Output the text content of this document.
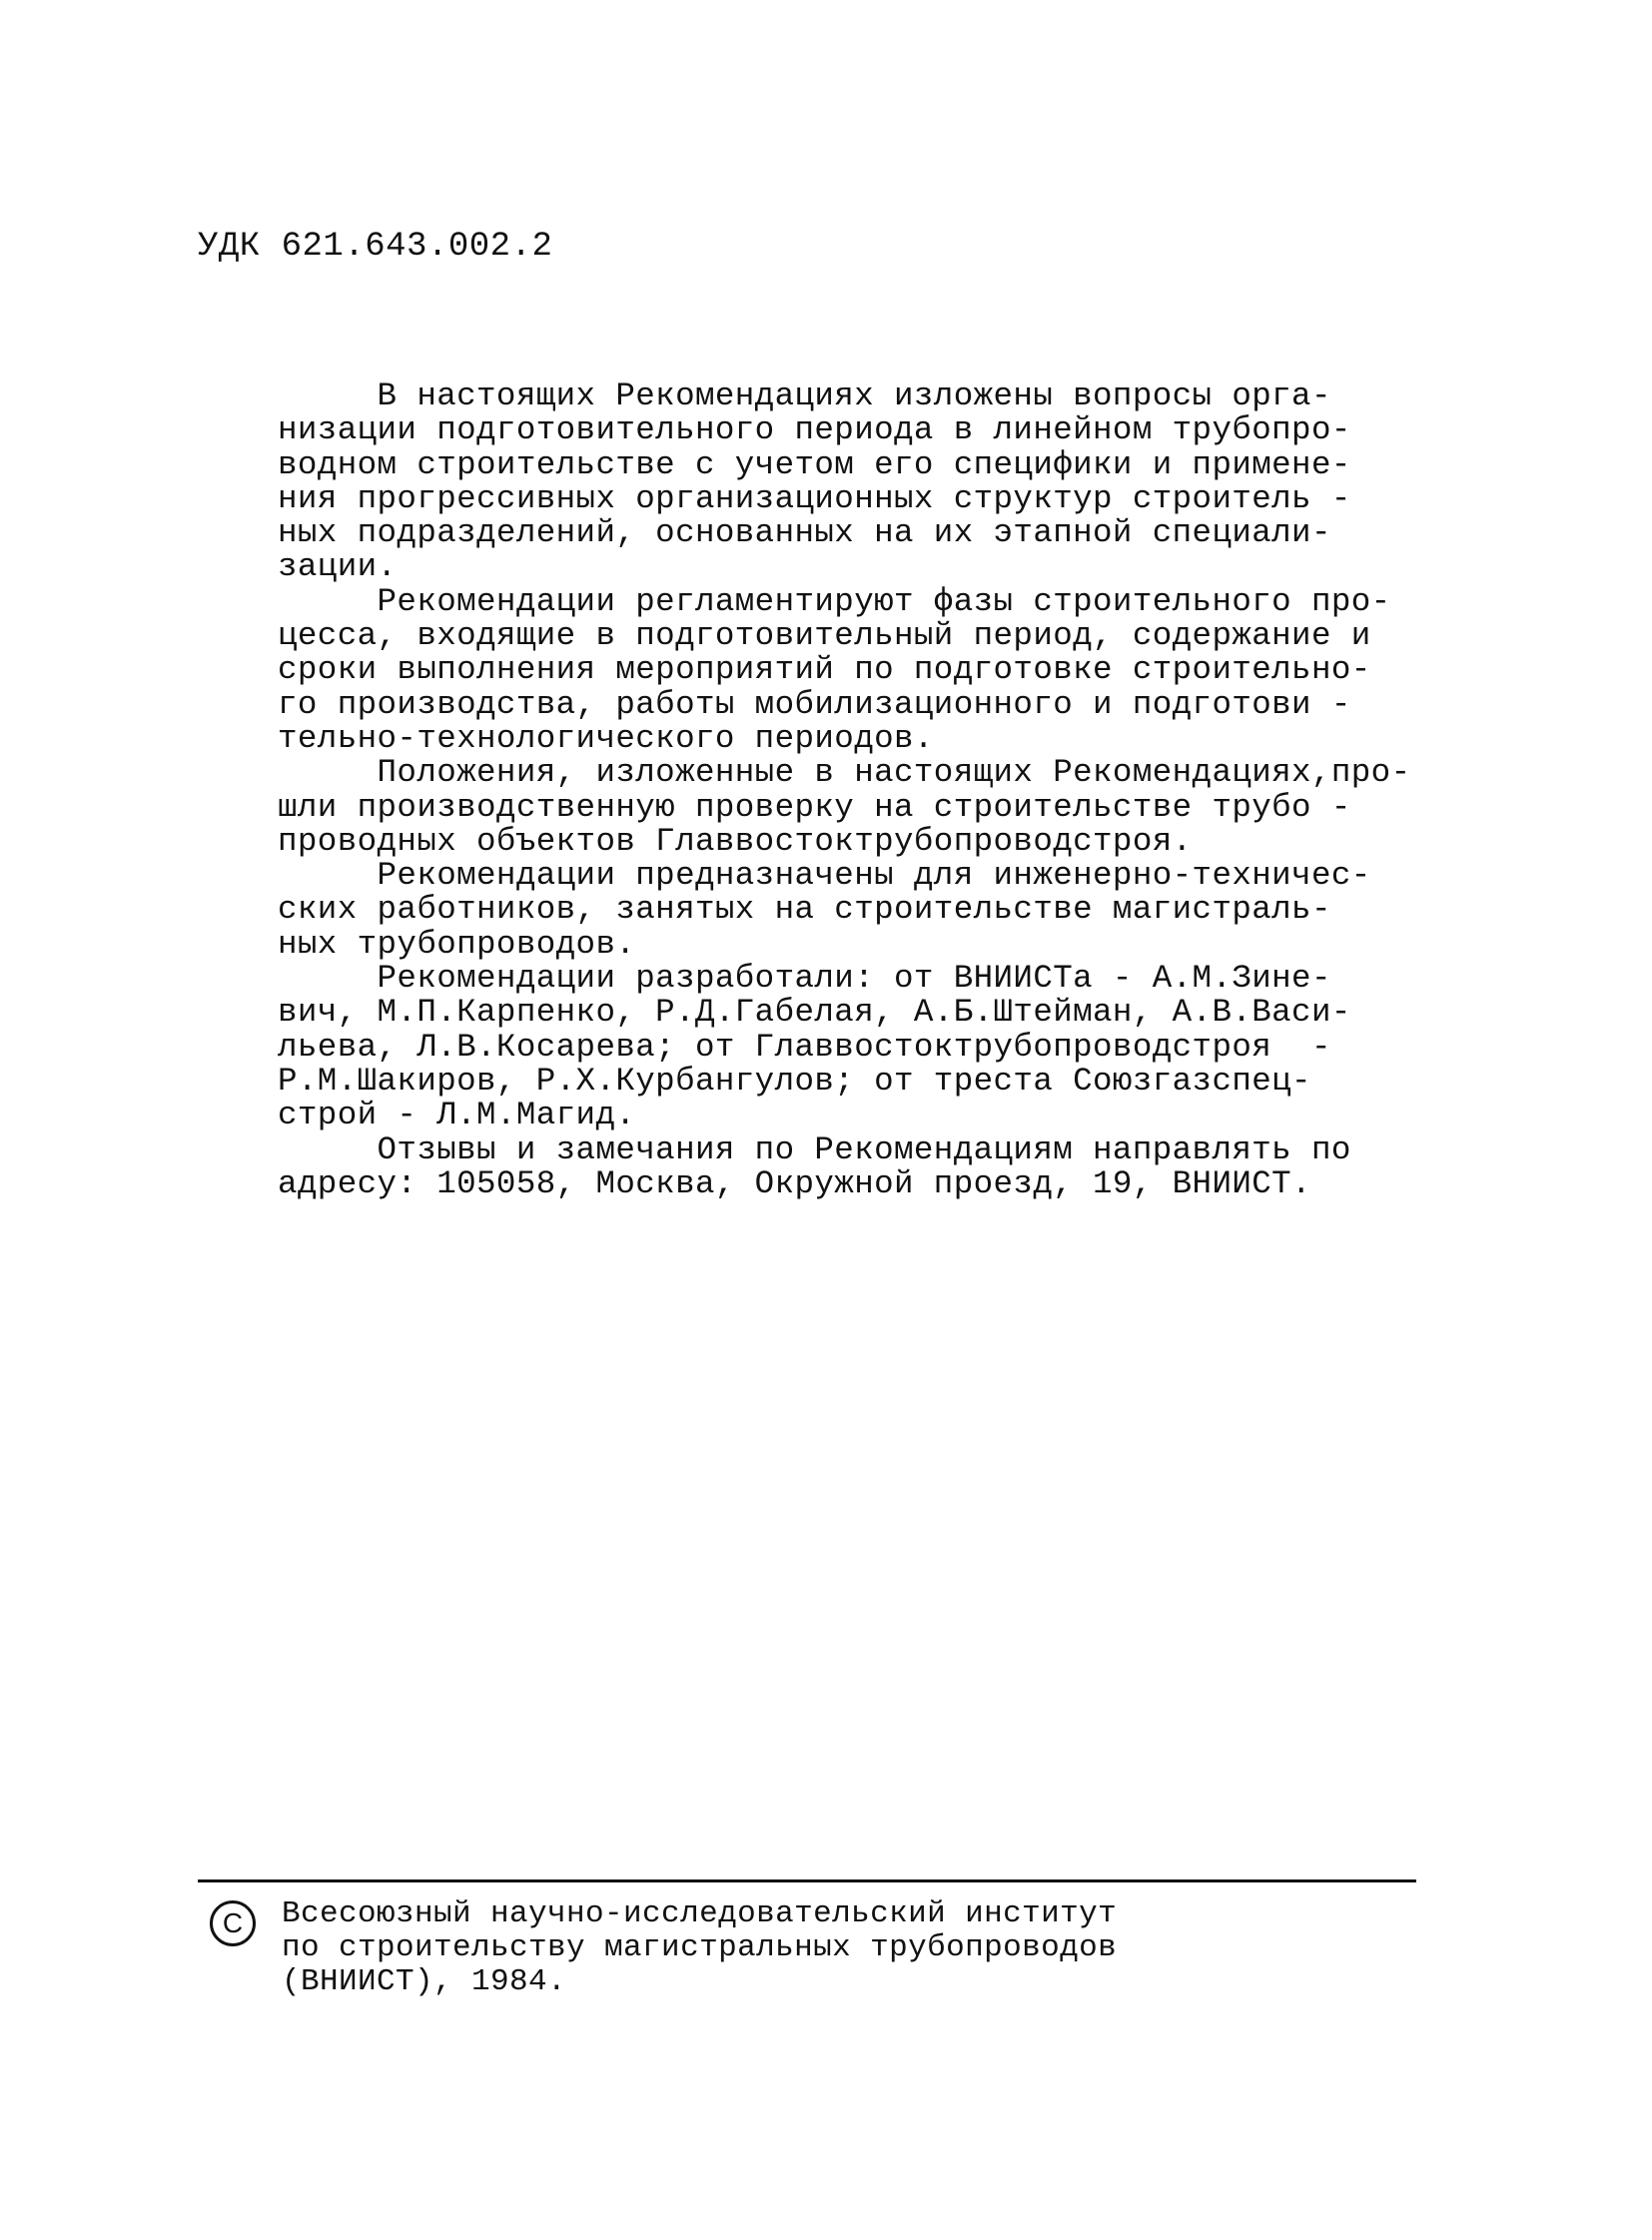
УДК 621.643.002.2
В настоящих Рекомендациях изложены вопросы орга-
низации подготовительного периода в линейном трубопро-
водном строительстве с учетом его специфики и примене-
ния прогрессивных организационных структур строитель -
ных подразделений, основанных на их этапной специали-
зации.
Рекомендации регламентируют фазы строительного про-
цесса, входящие в подготовительный период, содержание и
сроки выполнения мероприятий по подготовке строительно-
го производства, работы мобилизационного и подготови -
тельно-технологического периодов.
Положения, изложенные в настоящих Рекомендациях,про-
шли производственную проверку на строительстве трубо -
проводных объектов Главвостоктрубопроводстроя.
Рекомендации предназначены для инженерно-техничес-
ских работников, занятых на строительстве магистраль-
ных трубопроводов.
Рекомендации разработали: от ВНИИСТа - А.М.Зине-
вич, М.П.Карпенко, Р.Д.Габелая, А.Б.Штейман, А.В.Васи-
льева, Л.В.Косарева; от Главвостоктрубопроводстроя  -
Р.М.Шакиров, Р.Х.Курбангулов; от треста Союзгазспец-
строй - Л.М.Магид.
Отзывы и замечания по Рекомендациям направлять по
адресу: 105058, Москва, Окружной проезд, 19, ВНИИСТ.
С	Всесоюзный научно-исследовательский институт
по строительству магистральных трубопроводов
(ВНИИСТ), 1984.
